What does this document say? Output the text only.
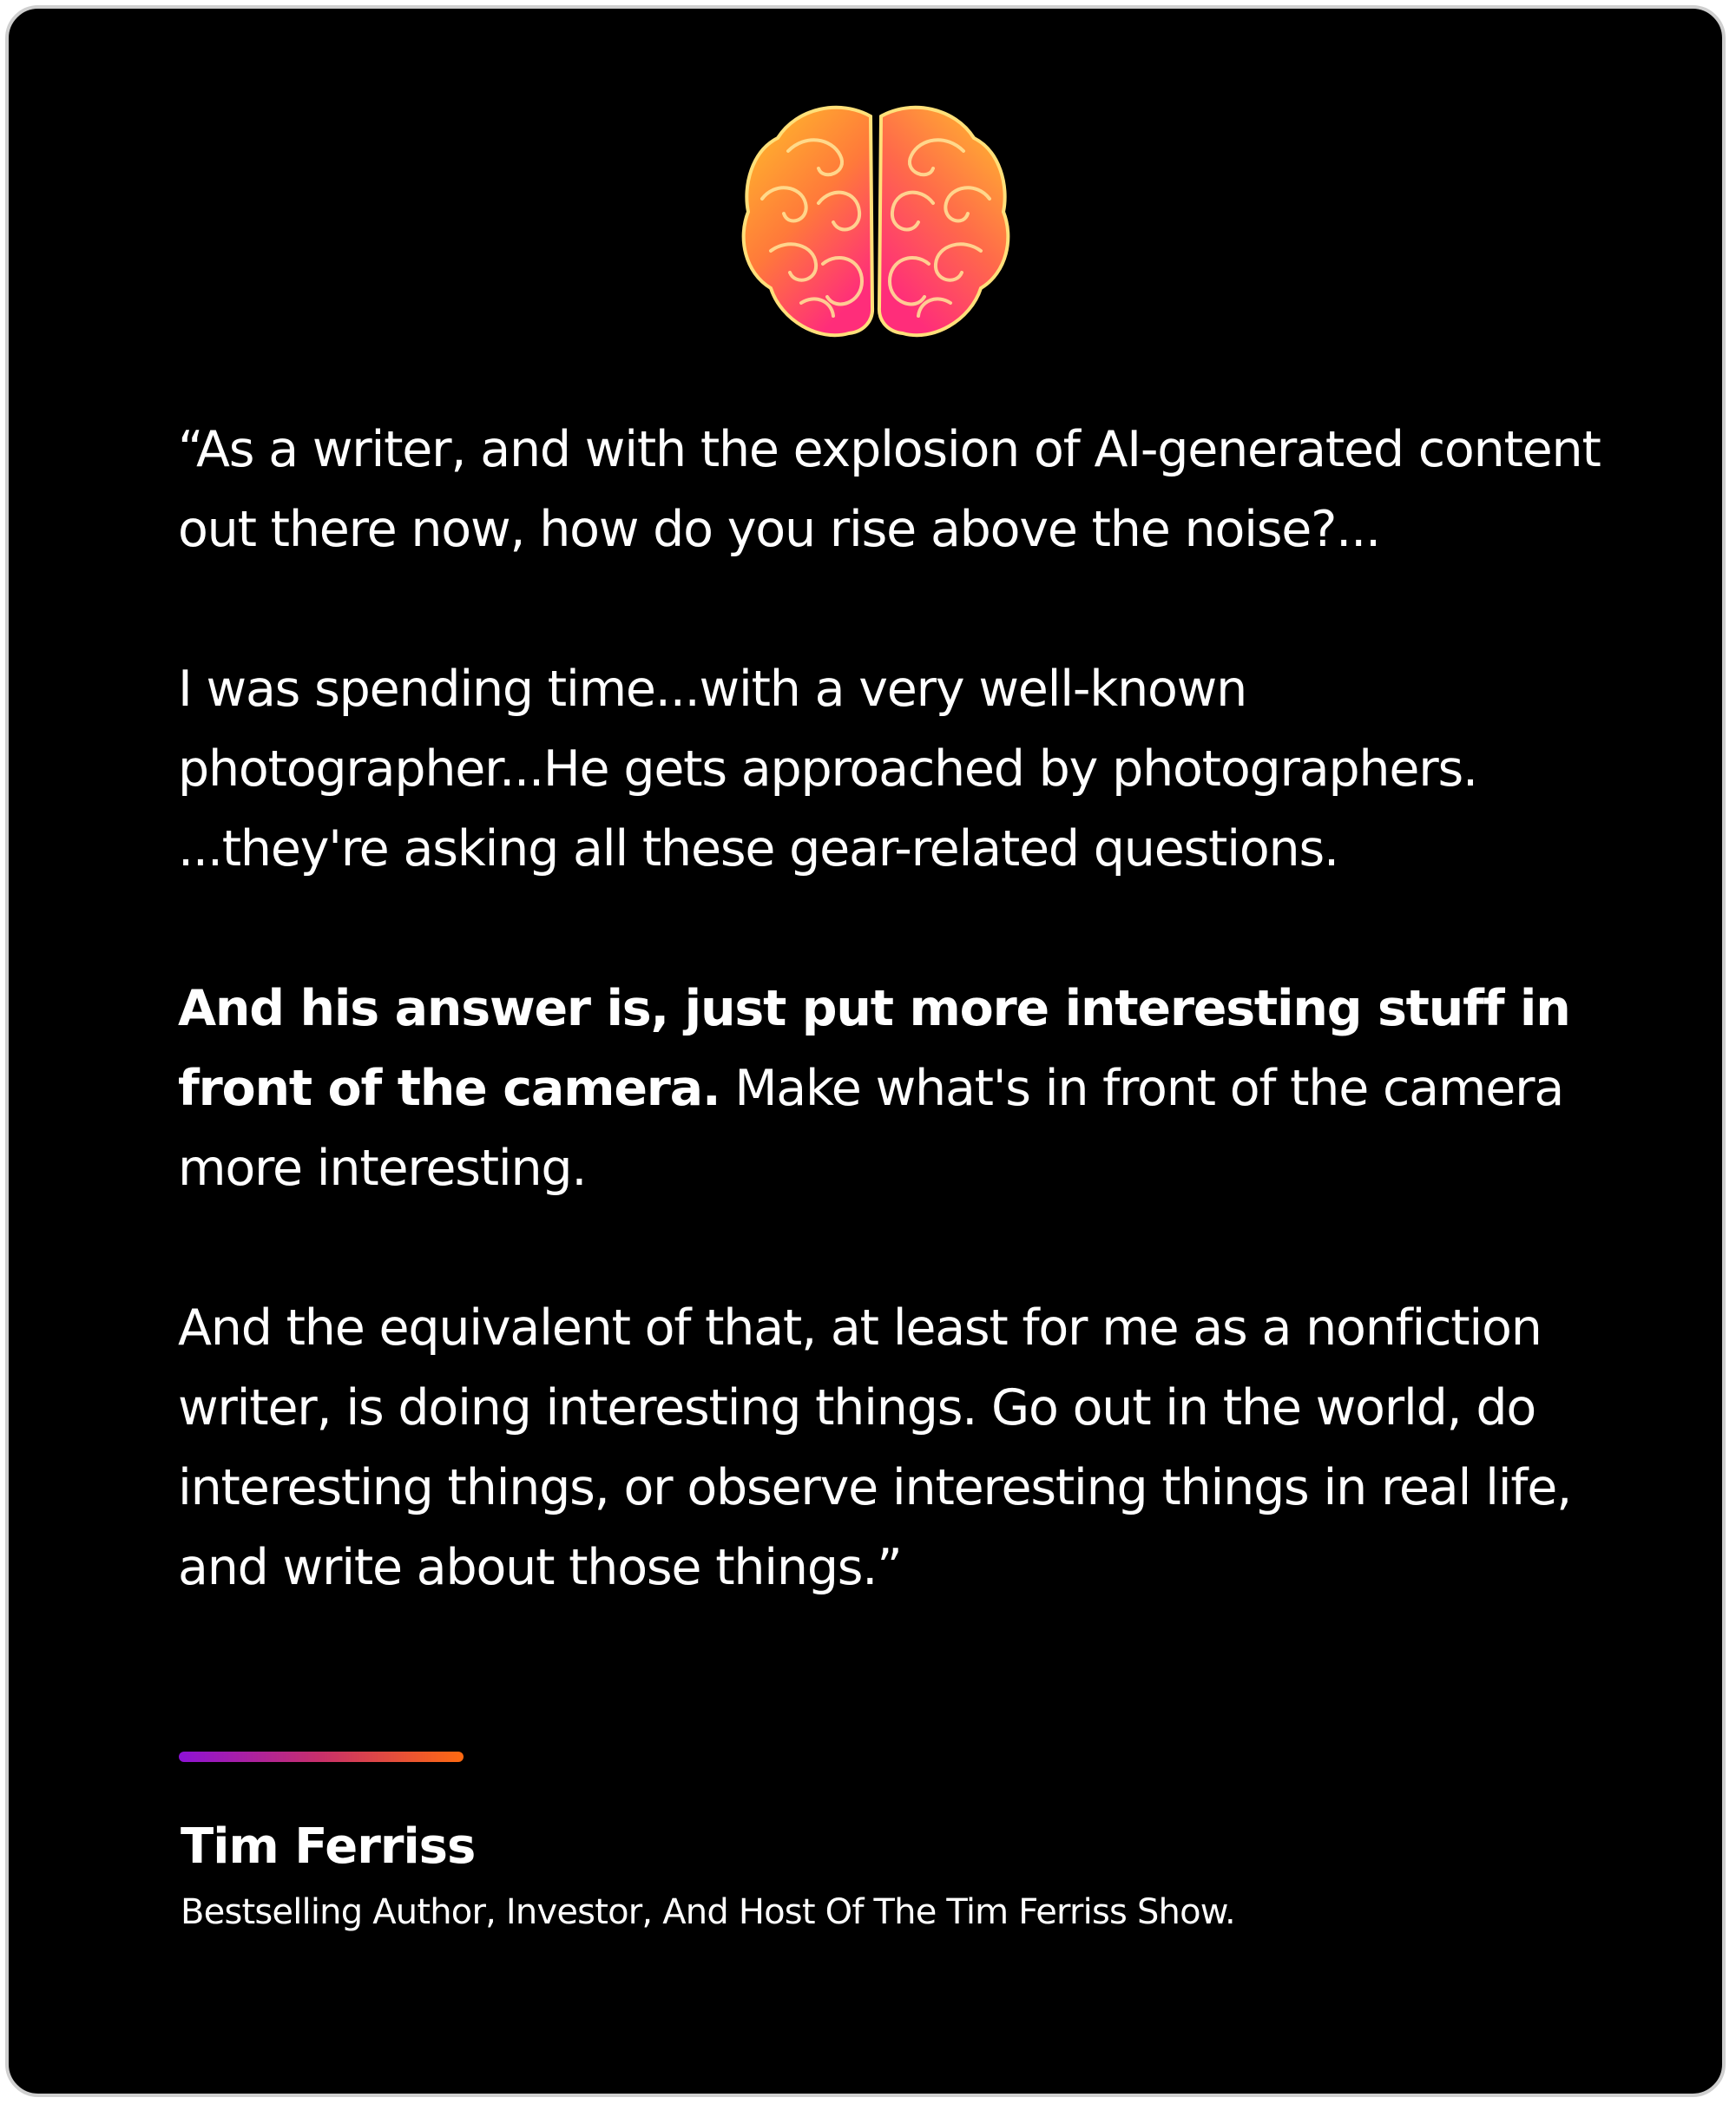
“As a writer, and with the explosion of AI-generated content out there now, how do you rise above the noise?...

I was spending time...with a very well-known photographer...He gets approached by photographers. ...they're asking all these gear-related questions.

And his answer is, just put more interesting stuff in front of the camera. Make what's in front of the camera more interesting.

And the equivalent of that, at least for me as a nonfiction writer, is doing interesting things. Go out in the world, do interesting things, or observe interesting things in real life, and write about those things.”

Tim Ferriss
Bestselling Author, Investor, And Host Of The Tim Ferriss Show.
